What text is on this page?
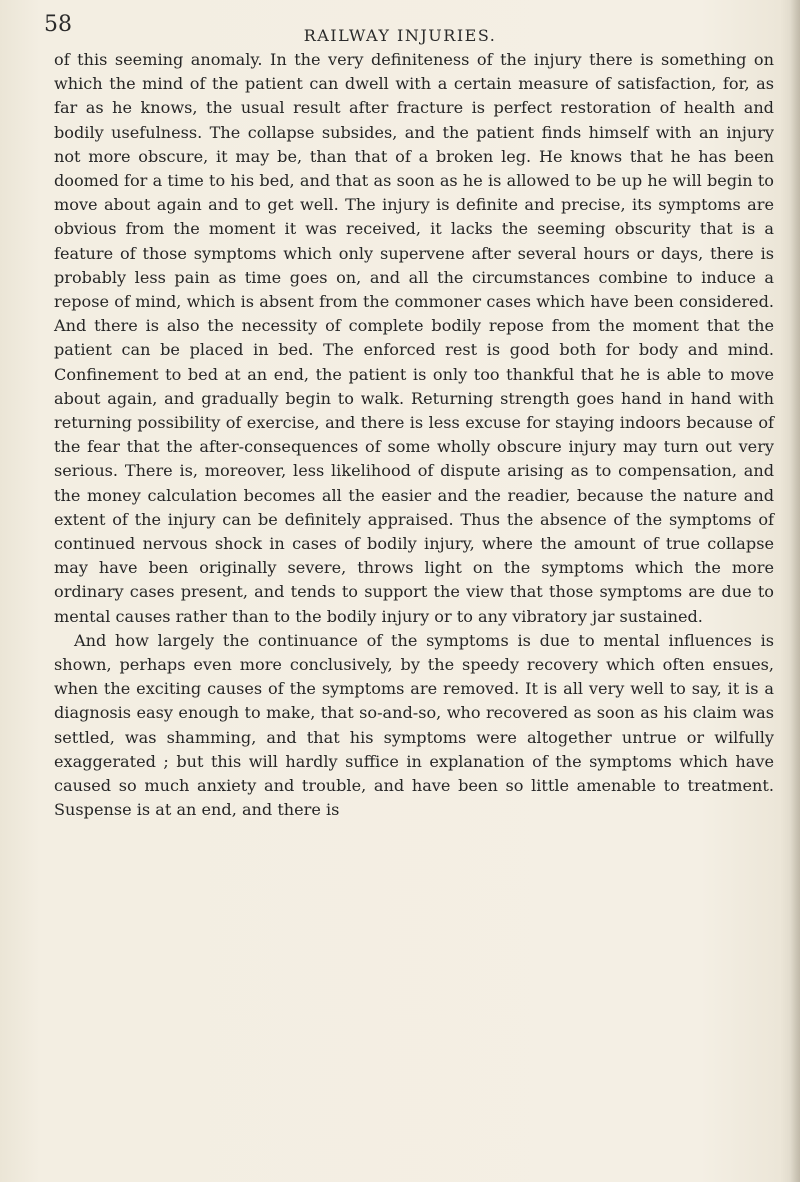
58	RAILWAY INJURIES.

of this seeming anomaly. In the very definiteness of the injury there is something on which the mind of the patient can dwell with a certain measure of satisfaction, for, as far as he knows, the usual result after fracture is perfect restoration of health and bodily usefulness. The collapse subsides, and the patient finds himself with an injury not more obscure, it may be, than that of a broken leg. He knows that he has been doomed for a time to his bed, and that as soon as he is allowed to be up he will begin to move about again and to get well. The injury is definite and precise, its symptoms are obvious from the moment it was received, it lacks the seeming obscurity that is a feature of those symptoms which only supervene after several hours or days, there is probably less pain as time goes on, and all the circumstances combine to induce a repose of mind, which is absent from the commoner cases which have been considered. And there is also the necessity of complete bodily repose from the moment that the patient can be placed in bed. The enforced rest is good both for body and mind. Confinement to bed at an end, the patient is only too thankful that he is able to move about again, and gradually begin to walk. Returning strength goes hand in hand with returning possibility of exercise, and there is less excuse for staying indoors because of the fear that the after-consequences of some wholly obscure injury may turn out very serious. There is, moreover, less likelihood of dispute arising as to compensation, and the money calculation becomes all the easier and the readier, because the nature and extent of the injury can be definitely appraised. Thus the absence of the symptoms of continued nervous shock in cases of bodily injury, where the amount of true collapse may have been originally severe, throws light on the symptoms which the more ordinary cases present, and tends to support the view that those symptoms are due to mental causes rather than to the bodily injury or to any vibratory jar sustained.

And how largely the continuance of the symptoms is due to mental influences is shown, perhaps even more conclusively, by the speedy recovery which often ensues, when the exciting causes of the symptoms are removed. It is all very well to say, it is a diagnosis easy enough to make, that so-and-so, who recovered as soon as his claim was settled, was shamming, and that his symptoms were altogether untrue or wilfully exaggerated ; but this will hardly suffice in explanation of the symptoms which have caused so much anxiety and trouble, and have been so little amenable to treatment. Suspense is at an end, and there is
